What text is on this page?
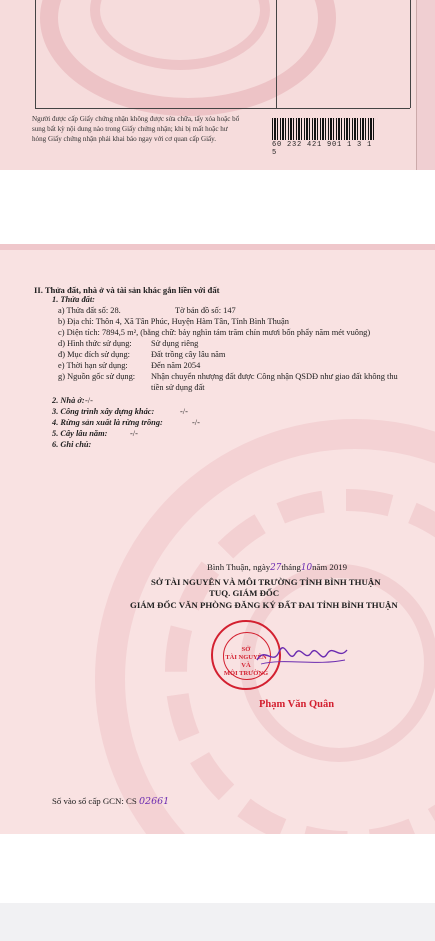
Người được cấp Giấy chứng nhận không được sửa chữa, tẩy xóa hoặc bổ
sung bất kỳ nội dung nào trong Giấy chứng nhận; khi bị mất hoặc hư
hỏng Giấy chứng nhận phải khai báo ngay với cơ quan cấp Giấy.
60 232 421 901 1 3 1 5
II. Thửa đất, nhà ở và tài sản khác gắn liền với đất
1. Thửa đất:
a) Thửa đất số: 28.	Tờ bản đồ số: 147
b) Địa chỉ: Thôn 4, Xã Tân Phúc, Huyện Hàm Tân, Tỉnh Bình Thuận
c) Diện tích: 7894,5 m², (bằng chữ: bảy nghìn tám trăm chín mươi bốn phẩy năm mét vuông)
d) Hình thức sử dụng: Sử dụng riêng
đ) Mục đích sử dụng:	Đất trồng cây lâu năm
e) Thời hạn sử dụng:	Đến năm 2054
g) Nguồn gốc sử dụng: Nhận chuyển nhượng đất được Công nhận QSDĐ như giao đất không thu
tiền sử dụng đất
2. Nhà ở: -/-
3. Công trình xây dựng khác:	-/-
4. Rừng sản xuất là rừng trồng:	-/-
5. Cây lâu năm:	-/-
6. Ghi chú:
Bình Thuận, ngày27tháng10năm 2019
SỞ TÀI NGUYÊN VÀ MÔI TRƯỜNG TỈNH BÌNH THUẬN
TUQ. GIÁM ĐỐC
GIÁM ĐỐC VĂN PHÒNG ĐĂNG KÝ ĐẤT ĐAI TỈNH BÌNH THUẬN
SỞ
TÀI NGUYÊN
VÀ
MÔI TRƯỜNG
Phạm Văn Quân
Số vào sổ cấp GCN: CS 02661
